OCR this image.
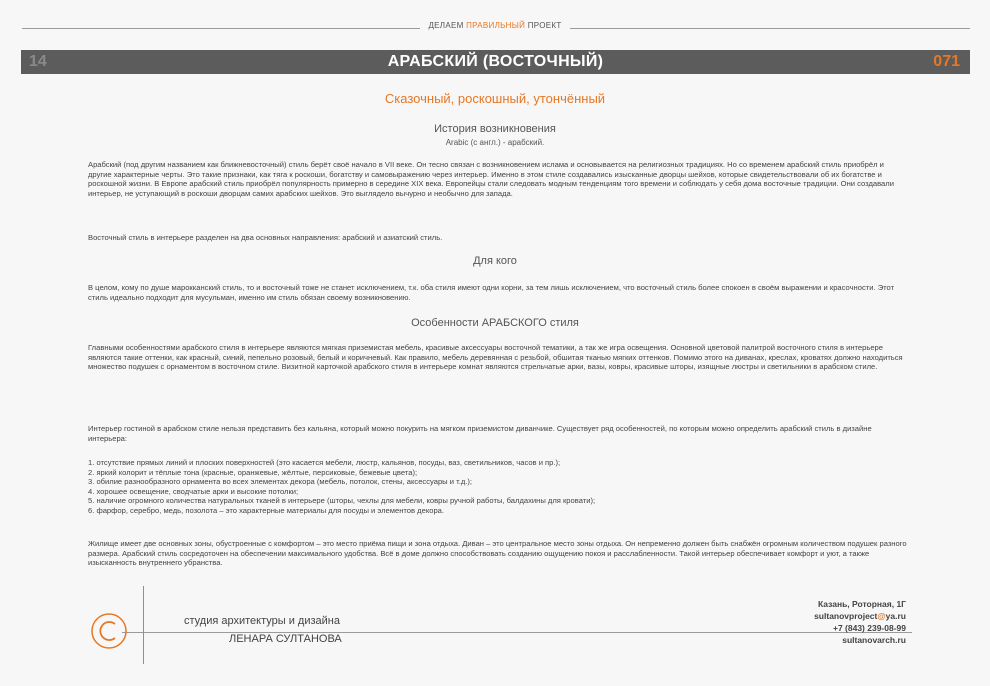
ДЕЛАЕМ ПРАВИЛЬНЫЙ ПРОЕКТ
14	АРАБСКИЙ (ВОСТОЧНЫЙ)	071
Сказочный, роскошный, утончённый
История возникновения
Arabic (с англ.) - арабский.
Арабский (под другим названием как ближневосточный) стиль берёт своё начало в VII веке. Он тесно связан с возникновением ислама и основывается на религиозных традициях. Но со временем арабский стиль приобрёл и другие характерные черты. Это такие признаки, как тяга к роскоши, богатству и самовыражению через интерьер. Именно в этом стиле создавались изысканные дворцы шейхов, которые свидетельствовали об их богатстве и роскошной жизни. В Европе арабский стиль приобрёл популярность примерно в середине XIX века. Европейцы стали следовать модным тенденциям того времени и соблюдать у себя дома восточные традиции. Они создавали интерьер, не уступающий в роскоши дворцам самих арабских шейхов. Это выглядело вычурно и необычно для запада.
Восточный стиль в интерьере разделен на два основных направления: арабский и азиатский стиль.
Для кого
В целом, кому по душе марокканский стиль, то и восточный тоже не станет исключением, т.к. оба стиля имеют одни корни, за тем лишь исключением, что восточный стиль более спокоен в своём выражении и красочности. Этот стиль идеально подходит для мусульман, именно им стиль обязан своему возникновению.
Особенности АРАБСКОГО стиля
Главными особенностями арабского стиля в интерьере являются мягкая приземистая мебель, красивые аксессуары восточной тематики, а так же игра освещения. Основной цветовой палитрой восточного стиля в интерьере являются такие оттенки, как красный, синий, пепельно розовый, белый и коричневый. Как правило, мебель деревянная с резьбой, обшитая тканью мягких оттенков. Помимо этого на диванах, креслах, кроватях должно находиться множество подушек с орнаментом в восточном стиле. Визитной карточкой арабского стиля в интерьере комнат являются стрельчатые арки, вазы, ковры, красивые шторы, изящные люстры и светильники в арабском стиле.
Интерьер гостиной в арабском стиле нельзя представить без кальяна, который можно покурить на мягком приземистом диванчике. Существует ряд особенностей, по которым можно определить арабский стиль в дизайне интерьера:
1. отсутствие прямых линий и плоских поверхностей (это касается мебели, люстр, кальянов, посуды, ваз, светильников, часов и пр.);
2. яркий колорит и тёплые тона (красные, оранжевые, жёлтые, персиковые, бежевые цвета);
3. обилие разнообразного орнамента во всех элементах декора (мебель, потолок, стены, аксессуары и т.д.);
4. хорошее освещение, сводчатые арки и высокие потолки;
5. наличие огромного количества натуральных тканей в интерьере (шторы, чехлы для мебели, ковры ручной работы, балдахины для кровати);
6. фарфор, серебро, медь, позолота – это характерные материалы для посуды и элементов декора.
Жилище имеет две основных зоны, обустроенные с комфортом – это место приёма пищи и зона отдыха. Диван – это центральное место зоны отдыха. Он непременно должен быть снабжён огромным количеством подушек разного размера. Арабский стиль сосредоточен на обеспечении максимального удобства. Всё в доме должно способствовать созданию ощущению покоя и расслабленности. Такой интерьер обеспечивает комфорт и уют, а также изысканность внутреннего убранства.
студия архитектуры и дизайна
ЛЕНАРА СУЛТАНОВА
Казань, Роторная, 1Г
sultanovproject@ya.ru
+7 (843) 239-08-99
sultanovarch.ru
